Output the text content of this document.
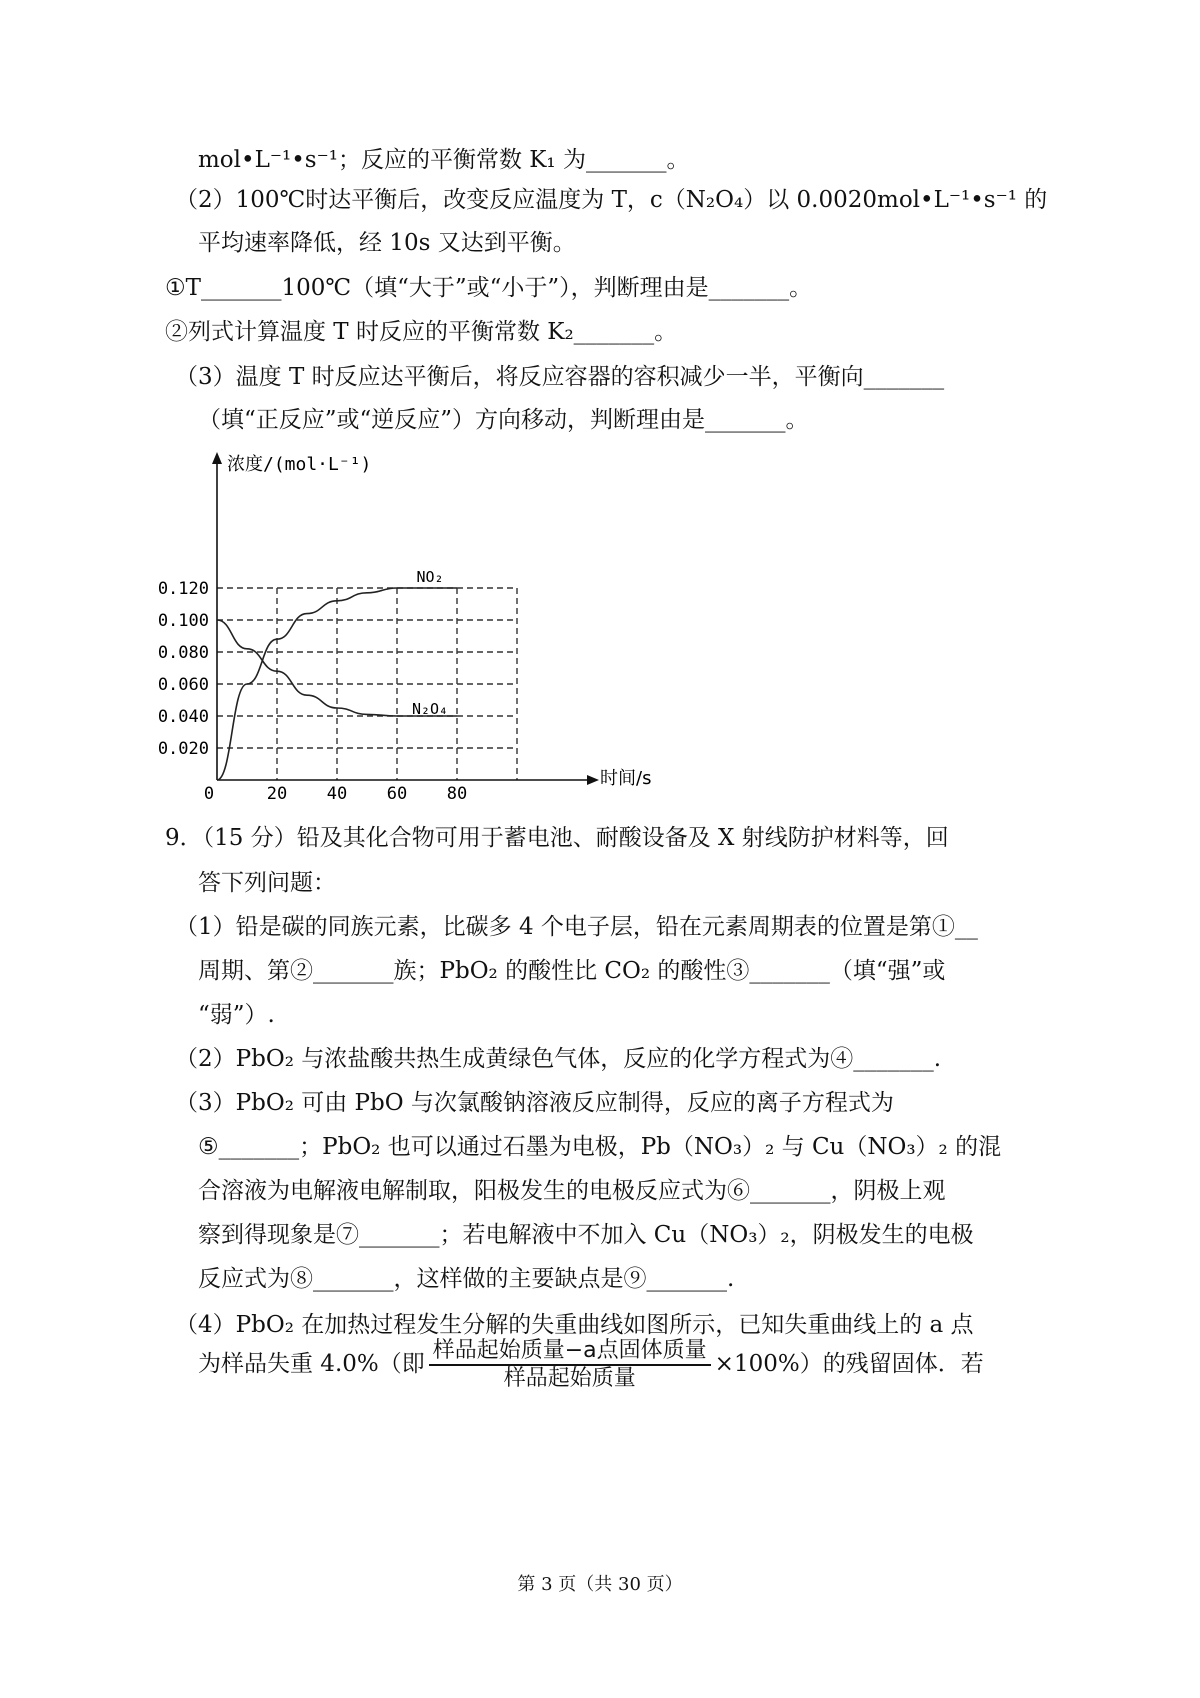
mol•L⁻¹•s⁻¹；反应的平衡常数 K₁ 为_______。
（2）100℃时达平衡后，改变反应温度为 T，c（N₂O₄）以 0.0020mol•L⁻¹•s⁻¹ 的
平均速率降低，经 10s 又达到平衡。
①T_______100℃（填“大于”或“小于”），判断理由是_______。
②列式计算温度 T 时反应的平衡常数 K₂_______。
（3）温度 T 时反应达平衡后，将反应容器的容积减少一半，平衡向_______
（填“正反应”或“逆反应”）方向移动，判断理由是_______。
9．（15 分）铅及其化合物可用于蓄电池、耐酸设备及 X 射线防护材料等，回
答下列问题：
（1）铅是碳的同族元素，比碳多 4 个电子层，铅在元素周期表的位置是第①__
周期、第②_______族；PbO₂ 的酸性比 CO₂ 的酸性③_______（填“强”或
“弱”）.
（2）PbO₂ 与浓盐酸共热生成黄绿色气体，反应的化学方程式为④_______.
（3）PbO₂ 可由 PbO 与次氯酸钠溶液反应制得，反应的离子方程式为
⑤_______；PbO₂ 也可以通过石墨为电极，Pb（NO₃）₂ 与 Cu（NO₃）₂ 的混
合溶液为电解液电解制取，阳极发生的电极反应式为⑥_______，阴极上观
察到得现象是⑦_______；若电解液中不加入 Cu（NO₃）₂，阴极发生的电极
反应式为⑧_______，这样做的主要缺点是⑨_______.
（4）PbO₂ 在加热过程发生分解的失重曲线如图所示，已知失重曲线上的 a 点
为样品失重 4.0%（即 $\frac{\text{样品起始质量−a点固体质量}}{\text{样品起始质量}} \times 100\%$）的残留固体．若
浓度/(mol·L⁻¹)
时间/s
0.020
0.040
0.060
0.080
0.100
0.120
0	20 40 60 80
NO₂
N₂O₄
第 3 页（共 30 页）
